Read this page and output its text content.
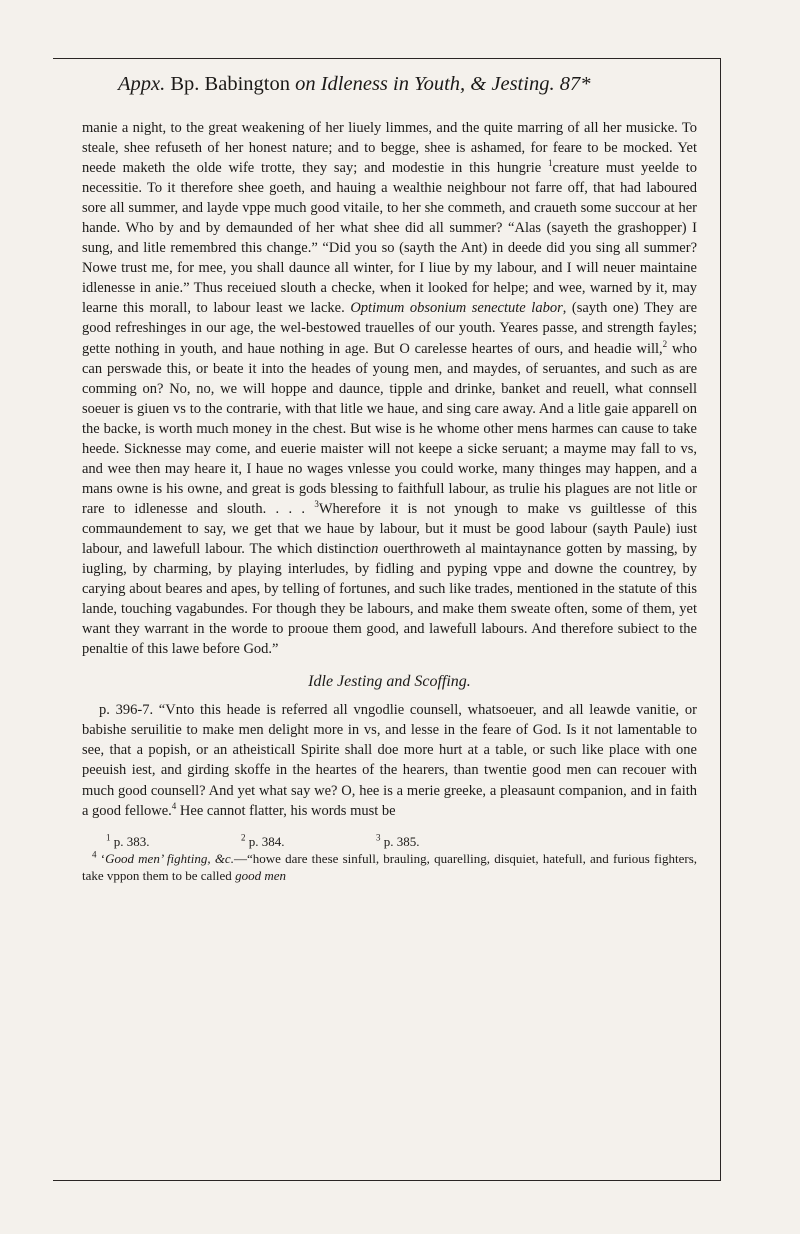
Appx. Bp. Babington on Idleness in Youth, & Jesting. 87*

manie a night, to the great weakening of her liuely limmes, and the quite marring of all her musicke. To steale, shee refuseth of her honest nature; and to begge, shee is ashamed, for feare to be mocked. Yet neede maketh the olde wife trotte, they say; and modestie in this hungrie $^1$creature must yeelde to necessitie. To it therefore shee goeth, and hauing a wealthie neighbour not farre off, that had laboured sore all summer, and layde vppe much good vitaile, to her she commeth, and craueth some succour at her hande. Who by and by demaunded of her what shee did all summer? “Alas (sayeth the grashopper) I sung, and litle remembred this change.” “Did you so (sayth the Ant) in deede did you sing all summer? Nowe trust me, for mee, you shall daunce all winter, for I liue by my labour, and I will neuer maintaine idlenesse in anie.” Thus receiued slouth a checke, when it looked for helpe; and wee, warned by it, may learne this morall, to labour least we lacke. Optimum obsonium senectute labor, (sayth one) They are good refreshinges in our age, the wel-bestowed trauelles of our youth. Yeares passe, and strength fayles; gette nothing in youth, and haue nothing in age. But O carelesse heartes of ours, and headie will,$^2$ who can perswade this, or beate it into the heades of young men, and maydes, of seruantes, and such as are comming on? No, no, we will hoppe and daunce, tipple and drinke, banket and reuell, what connsell soeuer is giuen vs to the contrarie, with that litle we haue, and sing care away. And a litle gaie apparell on the backe, is worth much money in the chest. But wise is he whome other mens harmes can cause to take heede. Sicknesse may come, and euerie maister will not keepe a sicke seruant; a mayme may fall to vs, and wee then may heare it, I haue no wages vnlesse you could worke, many thinges may happen, and a mans owne is his owne, and great is gods blessing to faithfull labour, as trulie his plagues are not litle or rare to idlenesse and slouth. . . . $^3$Wherefore it is not ynough to make vs guiltlesse of this commaundement to say, we get that we haue by labour, but it must be good labour (sayth Paule) iust labour, and lawefull labour. The which distinction ouerthroweth al maintaynance gotten by massing, by iugling, by charming, by playing interludes, by fidling and pyping vppe and downe the countrey, by carying about beares and apes, by telling of fortunes, and such like trades, mentioned in the statute of this lande, touching vagabundes. For though they be labours, and make them sweate often, some of them, yet want they warrant in the worde to prooue them good, and lawefull labours. And therefore subiect to the penaltie of this lawe before God.”

Idle Jesting and Scoffing.

p. 396-7. “Vnto this heade is referred all vngodlie counsell, whatsoeuer, and all leawde vanitie, or babishe seruilitie to make men delight more in vs, and lesse in the feare of God. Is it not lamentable to see, that a popish, or an atheisticall Spirite shall doe more hurt at a table, or such like place with one peeuish iest, and girding skoffe in the heartes of the hearers, than twentie good men can recouer with much good counsell? And yet what say we? O, hee is a merie greeke, a pleasaunt companion, and in faith a good fellowe.$^4$ Hee cannot flatter, his words must be

$^1$ p. 383.	$^2$ p. 384.	$^3$ p. 385.

$^4$ ‘Good men’ fighting, &c.—“howe dare these sinfull, brauling, quarelling, disquiet, hatefull, and furious fighters, take vppon them to be called good men
